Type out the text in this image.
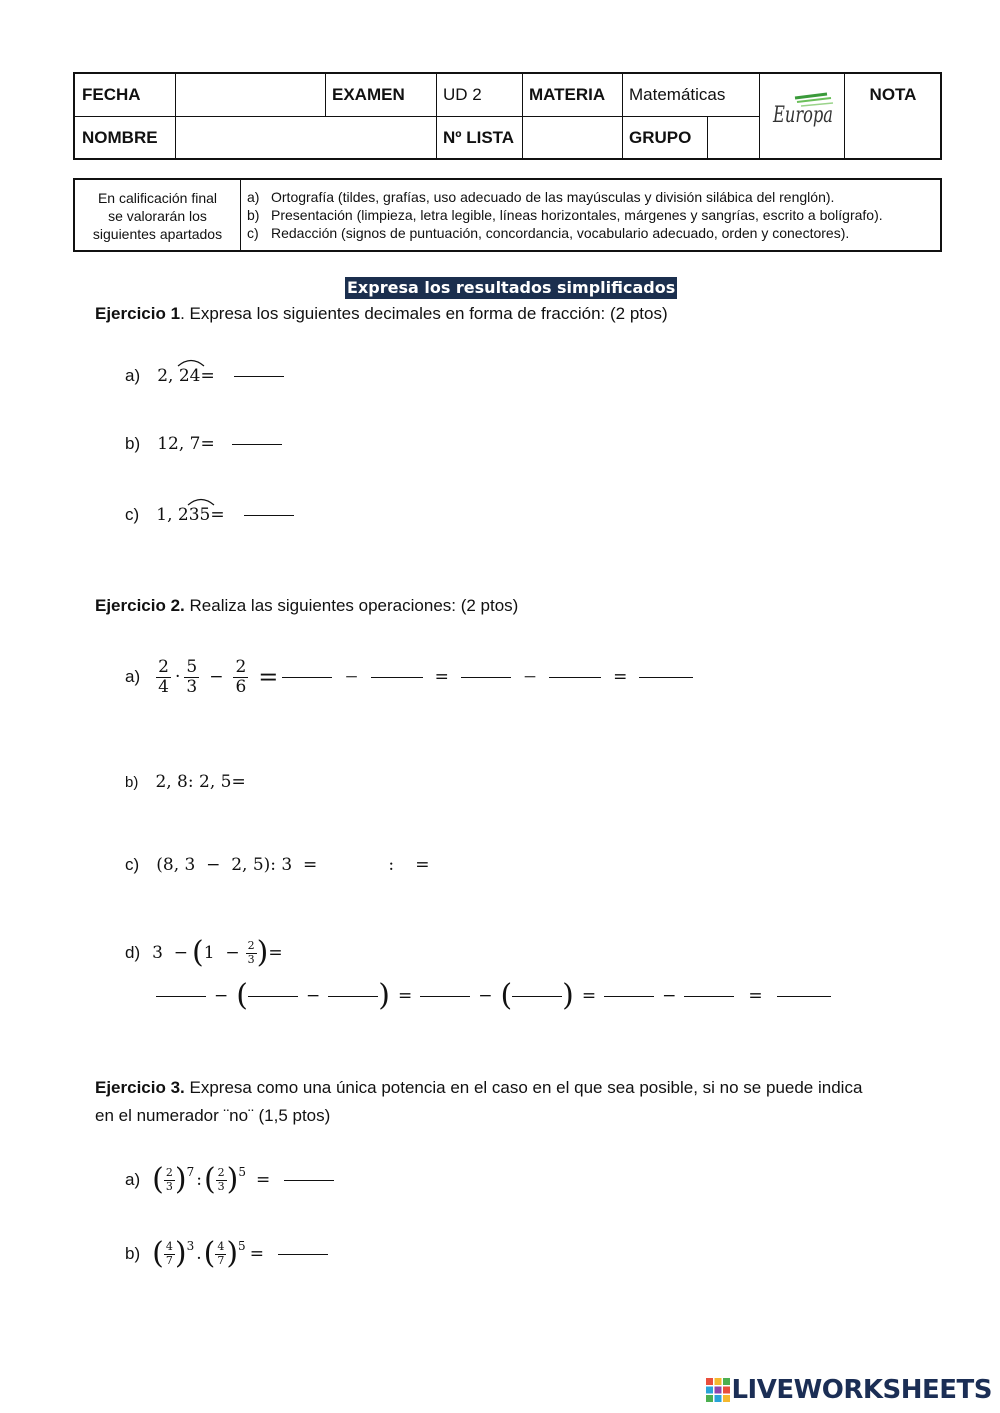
FECHA	EXAMEN	UD 2	MATERIA	Matemáticas	NOTA
NOMBRE	Nº LISTA	GRUPO
Europa
En calificación final
se valorarán los
siguientes apartados
a) Ortografía (tildes, grafías, uso adecuado de las mayúsculas y división silábica del renglón).
b) Presentación (limpieza, letra legible, líneas horizontales, márgenes y sangrías, escrito a bolígrafo).
c) Redacción (signos de puntuación, concordancia, vocabulario adecuado, orden y conectores).
Expresa los resultados simplificados
Ejercicio 1. Expresa los siguientes decimales en forma de fracción: (2 ptos)
a) 2, 24=
b) 12, 7=
c) 1, 2
35=
Ejercicio 2. Realiza las siguientes operaciones: (2 ptos)
$a) \frac{2}{4} \cdot \frac{5}{3} - \frac{2}{6}$ =	−	=	−	=
b) 2, 8: 2, 5=
c) (8, 3  −  2, 5): 3  =	: =
d) 3  − ( $1 - \frac{2}{3}$ ) =
− (	− ) =	− ( ) =	−	=
Ejercicio 3. Expresa como una única potencia en el caso en el que sea posible, si no se puede indica
en el numerador ¨no¨ (1,5 ptos)
a) ( $\frac{2}{3}$ ) 7 : ( $\frac{2}{3}$ ) 5 =
b) ( $\frac{4}{7}$ ) 3 . ( $\frac{4}{7}$ ) 5 =
LIVEWORKSHEETS
